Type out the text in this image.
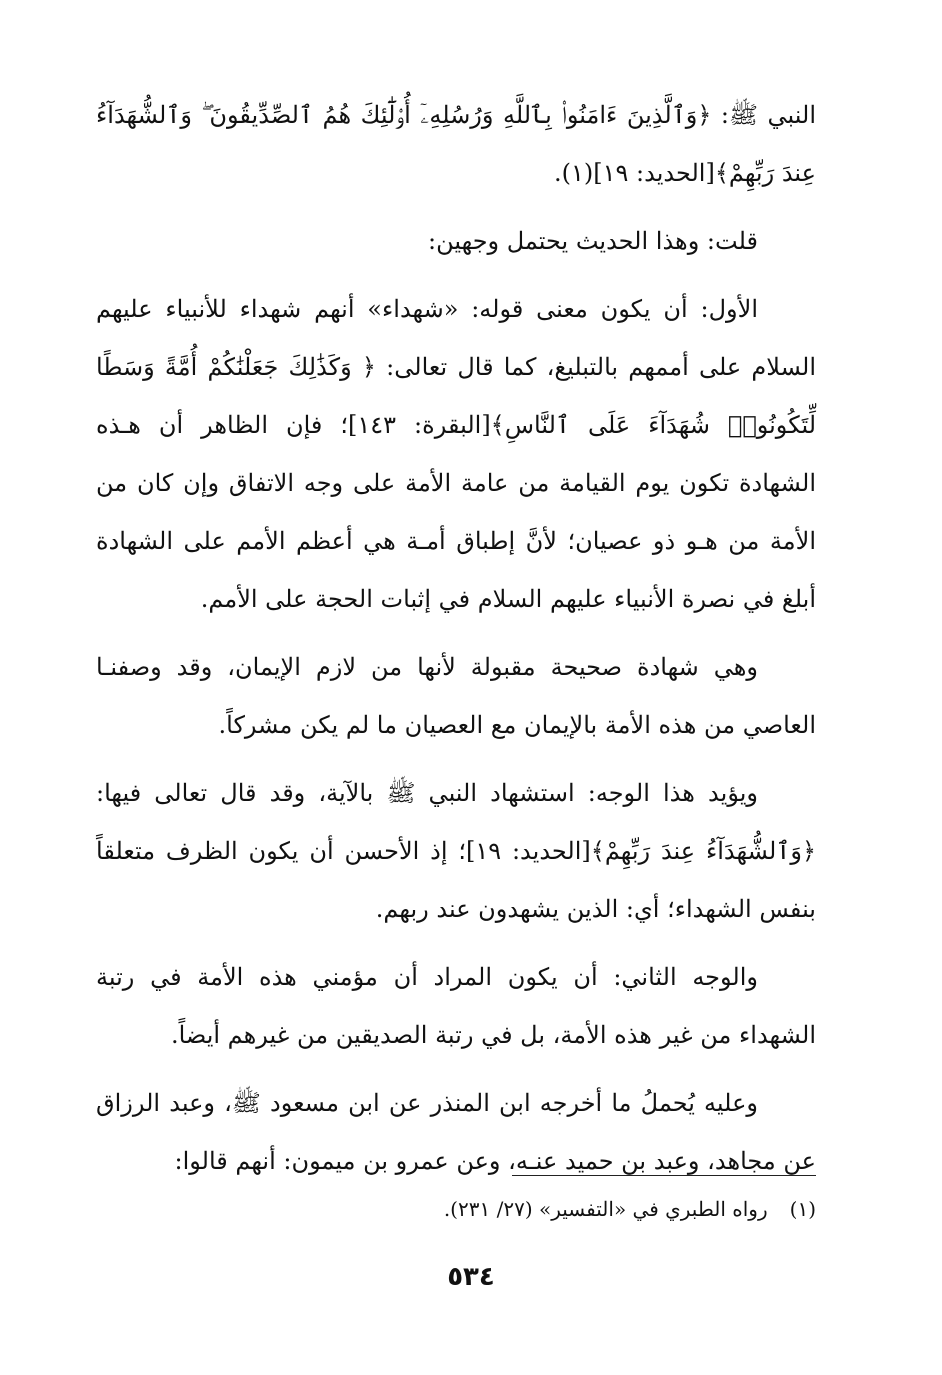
النبي ﷺ: ﴿وَٱلَّذِينَ ءَامَنُوا۟ بِٱللَّهِ وَرُسُلِهِۦٓ أُو۟لَٰٓئِكَ هُمُ ٱلصِّدِّيقُونَ ۖ وَٱلشُّهَدَآءُ عِندَ رَبِّهِمْ﴾[الحديد: ١٩](١).

قلت: وهذا الحديث يحتمل وجهين:

الأول: أن يكون معنى قوله: «شهداء» أنهم شهداء للأنبياء عليهم السلام على أممهم بالتبليغ، كما قال تعالى: ﴿ وَكَذَٰلِكَ جَعَلْنَٰكُمْ أُمَّةً وَسَطًا لِّتَكُونُوا۟ شُهَدَآءَ عَلَى ٱلنَّاسِ﴾[البقرة: ١٤٣]؛ فإن الظاهر أن هـذه الشهادة تكون يوم القيامة من عامة الأمة على وجه الاتفاق وإن كان من الأمة من هـو ذو عصيان؛ لأنَّ إطباق أمـة هي أعظم الأمم على الشهادة أبلغ في نصرة الأنبياء عليهم السلام في إثبات الحجة على الأمم.

وهي شهادة صحيحة مقبولة لأنها من لازم الإيمان، وقد وصفنـا العاصي من هذه الأمة بالإيمان مع العصيان ما لم يكن مشركاً.

ويؤيد هذا الوجه: استشهاد النبي ﷺ بالآية، وقد قال تعالى فيها: ﴿وَٱلشُّهَدَآءُ عِندَ رَبِّهِمْ﴾[الحديد: ١٩]؛ إذ الأحسن أن يكون الظرف متعلقاً بنفس الشهداء؛ أي: الذين يشهدون عند ربهم.

والوجه الثاني: أن يكون المراد أن مؤمني هذه الأمة في رتبة الشهداء من غير هذه الأمة، بل في رتبة الصديقين من غيرهم أيضاً.

وعليه يُحملُ ما أخرجه ابن المنذر عن ابن مسعود ﷺ، وعبد الرزاق عن مجاهد، وعبد بن حميد عنـه، وعن عمرو بن ميمون: أنهم قالوا:

(١)رواه الطبري في «التفسير» (٢٧/ ٢٣١).
٥٣٤
